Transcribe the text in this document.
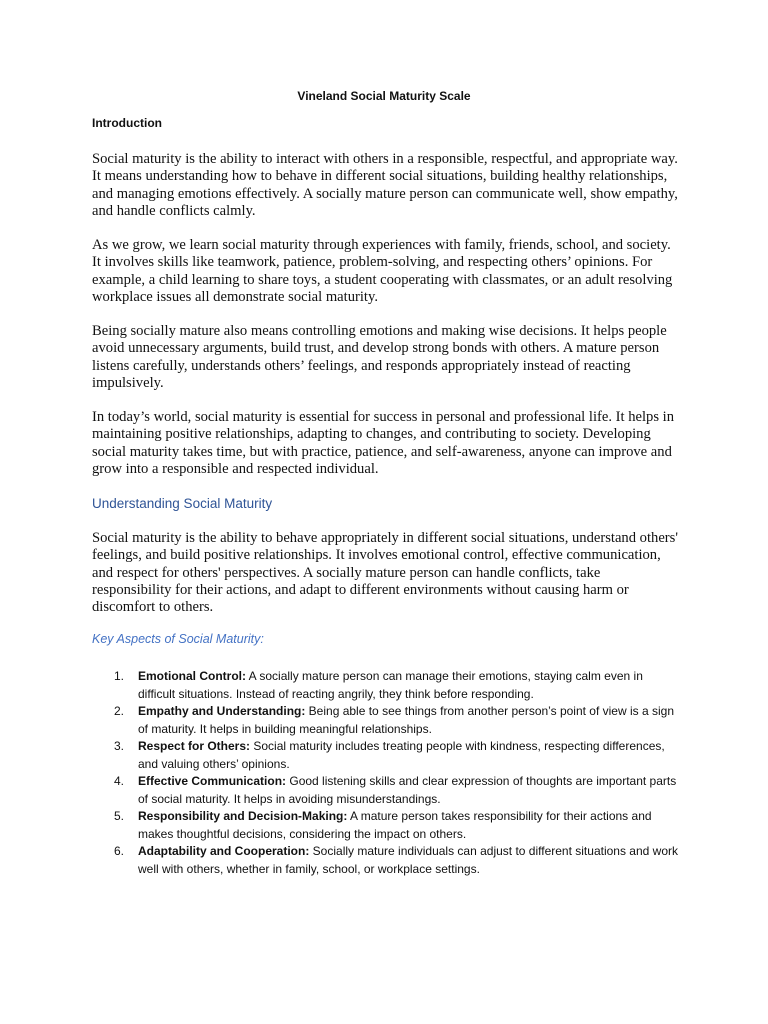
Vineland Social Maturity Scale
Introduction

Social maturity is the ability to interact with others in a responsible, respectful, and appropriate way. It means understanding how to behave in different social situations, building healthy relationships, and managing emotions effectively. A socially mature person can communicate well, show empathy, and handle conflicts calmly.

As we grow, we learn social maturity through experiences with family, friends, school, and society. It involves skills like teamwork, patience, problem-solving, and respecting others’ opinions. For example, a child learning to share toys, a student cooperating with classmates, or an adult resolving workplace issues all demonstrate social maturity.

Being socially mature also means controlling emotions and making wise decisions. It helps people avoid unnecessary arguments, build trust, and develop strong bonds with others. A mature person listens carefully, understands others’ feelings, and responds appropriately instead of reacting impulsively.

In today’s world, social maturity is essential for success in personal and professional life. It helps in maintaining positive relationships, adapting to changes, and contributing to society. Developing social maturity takes time, but with practice, patience, and self-awareness, anyone can improve and grow into a responsible and respected individual.

Understanding Social Maturity

Social maturity is the ability to behave appropriately in different social situations, understand others' feelings, and build positive relationships. It involves emotional control, effective communication, and respect for others' perspectives. A socially mature person can handle conflicts, take responsibility for their actions, and adapt to different environments without causing harm or discomfort to others.

Key Aspects of Social Maturity:
1. Emotional Control: A socially mature person can manage their emotions, staying calm even in difficult situations. Instead of reacting angrily, they think before responding.
2. Empathy and Understanding: Being able to see things from another person’s point of view is a sign of maturity. It helps in building meaningful relationships.
3. Respect for Others: Social maturity includes treating people with kindness, respecting differences, and valuing others’ opinions.
4. Effective Communication: Good listening skills and clear expression of thoughts are important parts of social maturity. It helps in avoiding misunderstandings.
5. Responsibility and Decision-Making: A mature person takes responsibility for their actions and makes thoughtful decisions, considering the impact on others.
6. Adaptability and Cooperation: Socially mature individuals can adjust to different situations and work well with others, whether in family, school, or workplace settings.
